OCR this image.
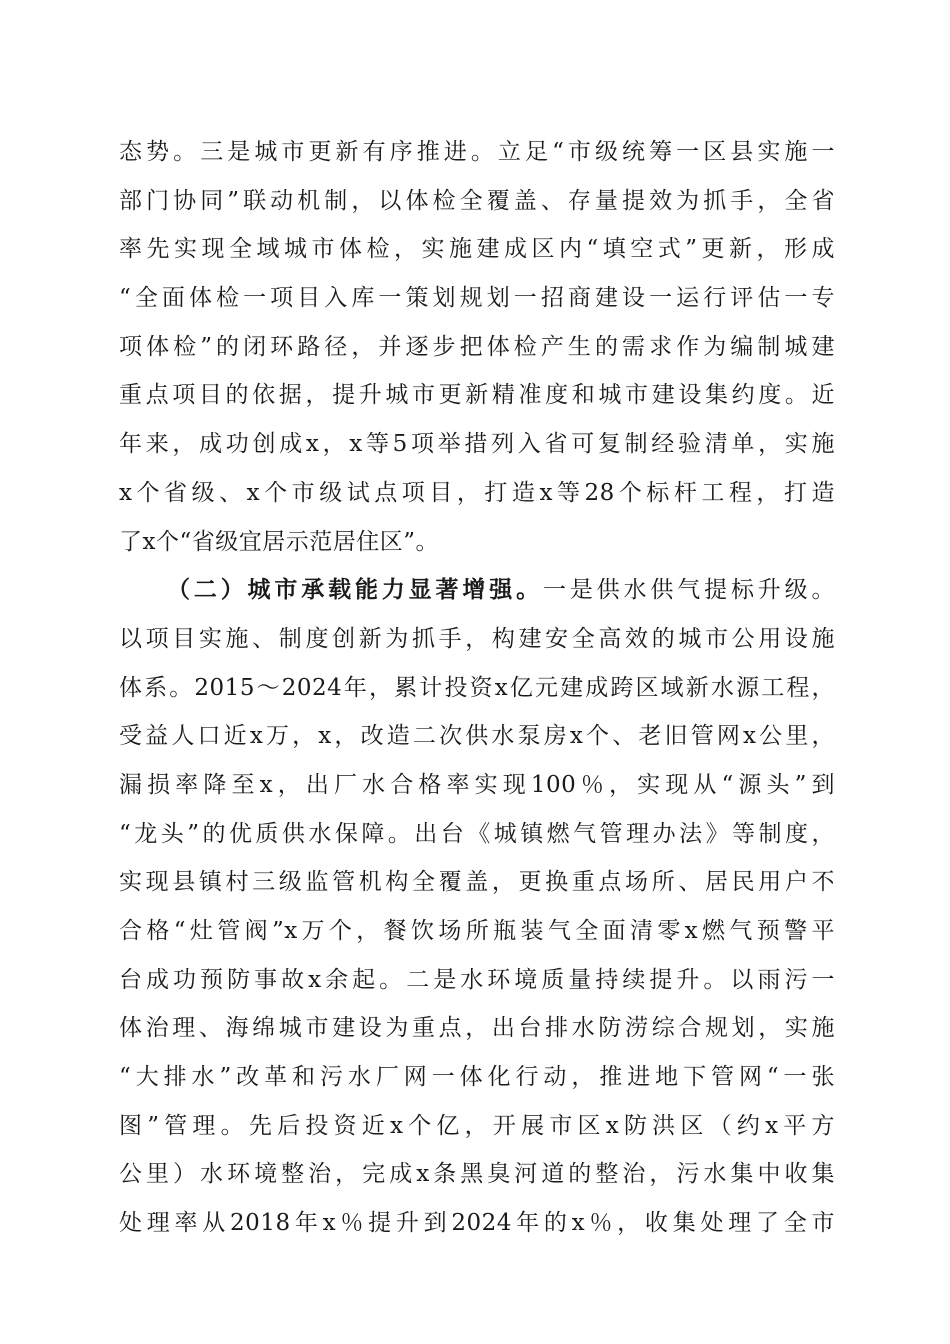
态势。三是城市更新有序推进。立足“市级统筹一区县实施一
部门协同”联动机制，以体检全覆盖、存量提效为抓手，全省
率先实现全域城市体检，实施建成区内“填空式”更新，形成
“全面体检一项目入库一策划规划一招商建设一运行评估一专
项体检”的闭环路径，并逐步把体检产生的需求作为编制城建
重点项目的依据，提升城市更新精准度和城市建设集约度。近
年来，成功创成x，x等5项举措列入省可复制经验清单，实施
x个省级、x个市级试点项目，打造x等28个标杆工程，打造
了x个“省级宜居示范居住区”。
（二）城市承载能力显著增强。一是供水供气提标升级。
以项目实施、制度创新为抓手，构建安全高效的城市公用设施
体系。2015～2024年，累计投资x亿元建成跨区域新水源工程，
受益人口近x万，x，改造二次供水泵房x个、老旧管网x公里，
漏损率降至x，出厂水合格率实现100％，实现从“源头”到
“龙头”的优质供水保障。出台《城镇燃气管理办法》等制度，
实现县镇村三级监管机构全覆盖，更换重点场所、居民用户不
合格“灶管阀”x万个，餐饮场所瓶装气全面清零x燃气预警平
台成功预防事故x余起。二是水环境质量持续提升。以雨污一
体治理、海绵城市建设为重点，出台排水防涝综合规划，实施
“大排水”改革和污水厂网一体化行动，推进地下管网“一张
图”管理。先后投资近x个亿，开展市区x防洪区（约x平方
公里）水环境整治，完成x条黑臭河道的整治，污水集中收集
处理率从2018年x％提升到2024年的x％，收集处理了全市
